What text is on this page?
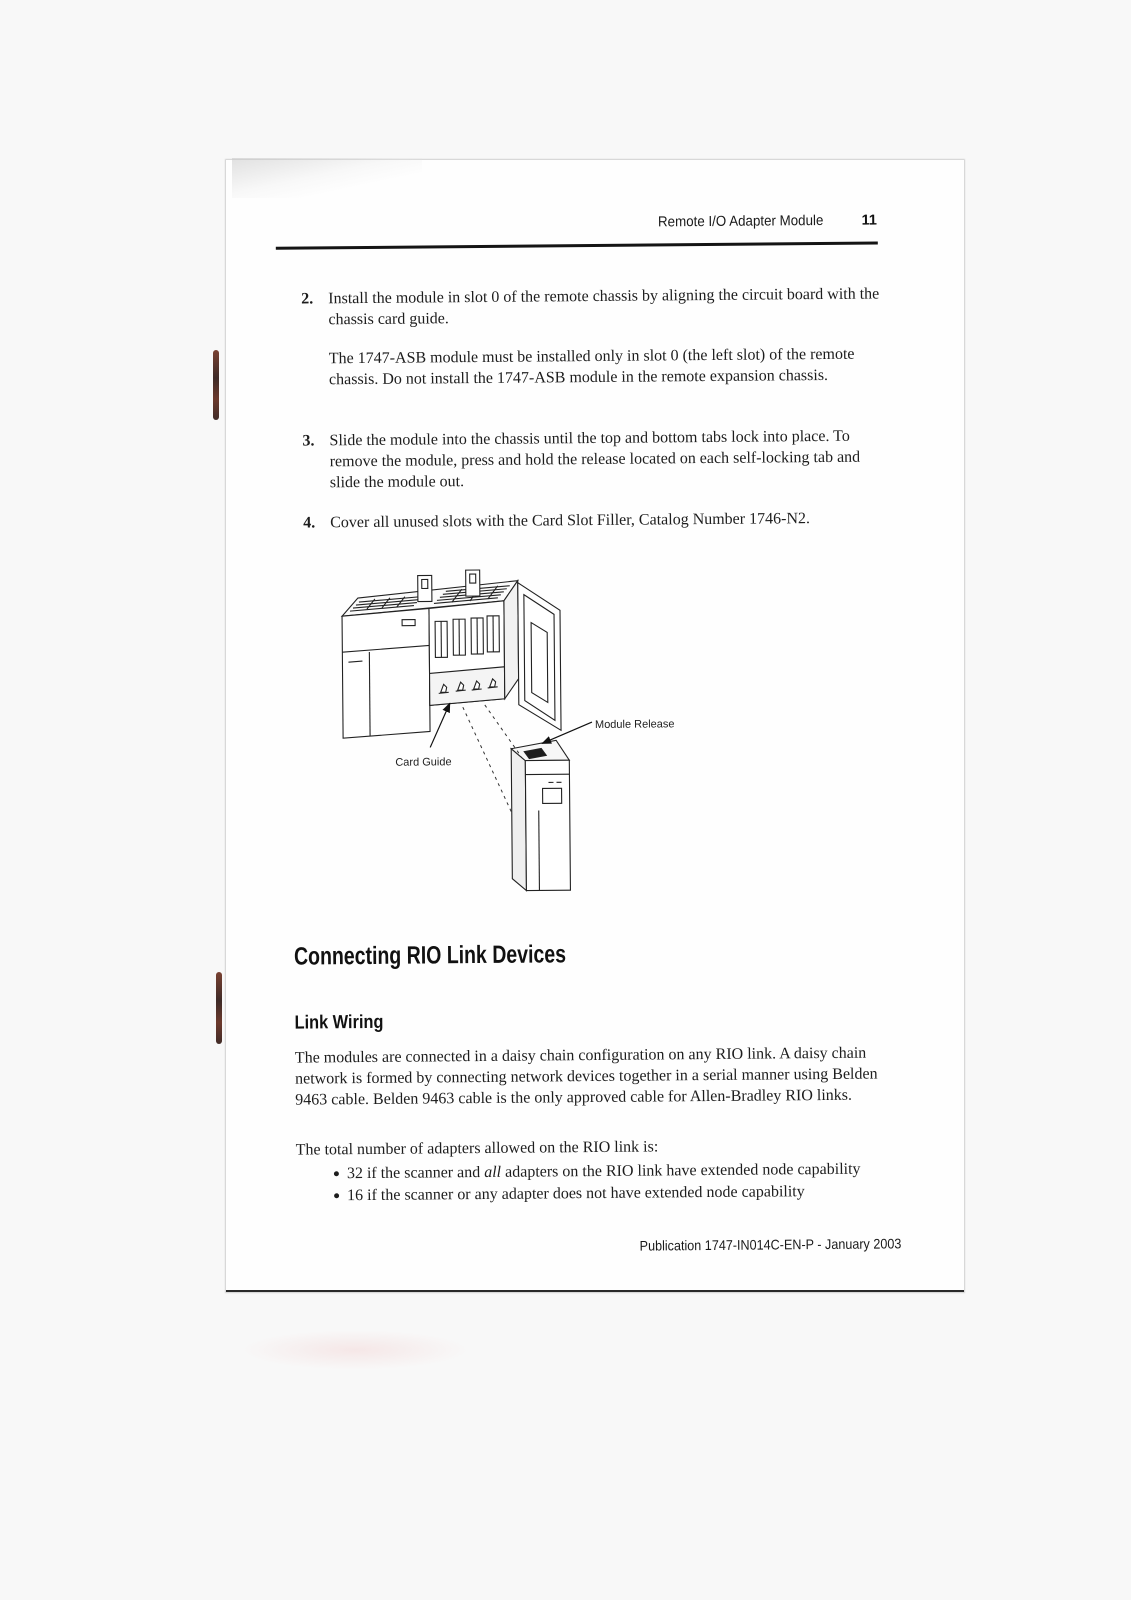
Remote I/O Adapter Module	11
2. Install the module in slot 0 of the remote chassis by aligning the circuit board with the chassis card guide.
The 1747-ASB module must be installed only in slot 0 (the left slot) of the remote chassis. Do not install the 1747-ASB module in the remote expansion chassis.
3. Slide the module into the chassis until the top and bottom tabs lock into place. To remove the module, press and hold the release located on each self-locking tab and slide the module out.
4. Cover all unused slots with the Card Slot Filler, Catalog Number 1746-N2.
Card Guide
Module Release
Connecting RIO Link Devices
Link Wiring

The modules are connected in a daisy chain configuration on any RIO link. A daisy chain network is formed by connecting network devices together in a serial manner using Belden 9463 cable. Belden 9463 cable is the only approved cable for Allen-Bradley RIO links.

The total number of adapters allowed on the RIO link is:

32 if the scanner and all adapters on the RIO link have extended node capability
16 if the scanner or any adapter does not have extended node capability
Publication 1747-IN014C-EN-P - January 2003
